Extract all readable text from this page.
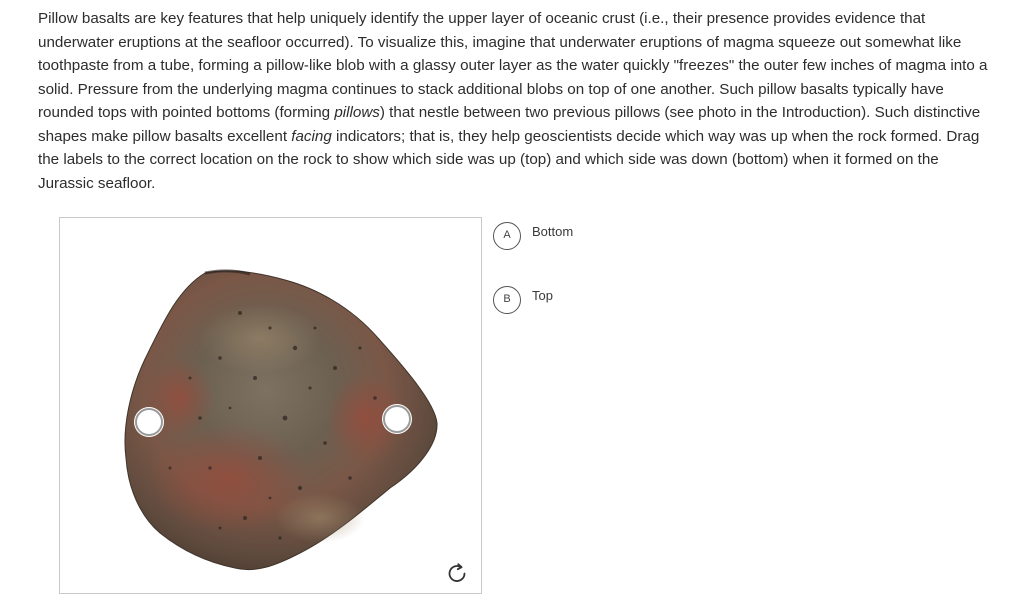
Pillow basalts are key features that help uniquely identify the upper layer of oceanic crust (i.e., their presence provides evidence that underwater eruptions at the seafloor occurred). To visualize this, imagine that underwater eruptions of magma squeeze out somewhat like toothpaste from a tube, forming a pillow-like blob with a glassy outer layer as the water quickly "freezes" the outer few inches of magma into a solid. Pressure from the underlying magma continues to stack additional blobs on top of one another. Such pillow basalts typically have rounded tops with pointed bottoms (forming pillows) that nestle between two previous pillows (see photo in the Introduction). Such distinctive shapes make pillow basalts excellent facing indicators; that is, they help geoscientists decide which way was up when the rock formed. Drag the labels to the correct location on the rock to show which side was up (top) and which side was down (bottom) when it formed on the Jurassic seafloor.

A	Bottom
B	Top
